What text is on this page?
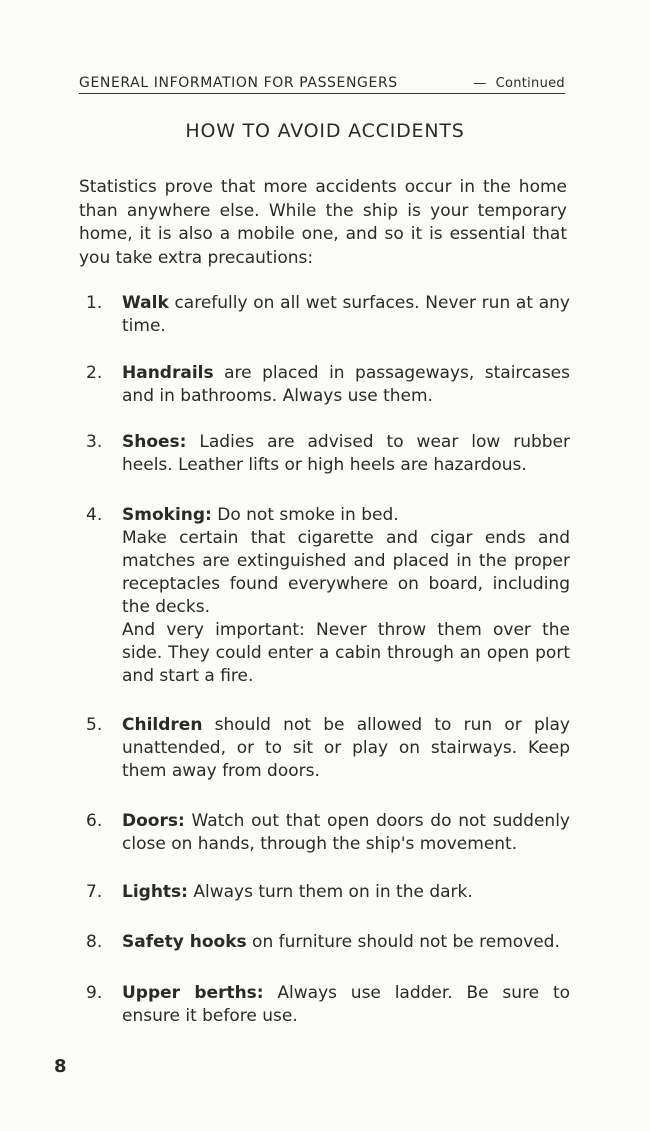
GENERAL INFORMATION FOR PASSENGERS	— Continued
HOW TO AVOID ACCIDENTS
Statistics prove that more accidents occur in the home than anywhere else. While the ship is your temporary home, it is also a mobile one, and so it is essential that you take extra precautions:
1.	Walk carefully on all wet surfaces. Never run at any time.
2.	Handrails are placed in passageways, staircases and in bathrooms. Always use them.
3.	Shoes: Ladies are advised to wear low rubber heels. Leather lifts or high heels are hazardous.
4.	Smoking: Do not smoke in bed.

Make certain that cigarette and cigar ends and matches are extinguished and placed in the proper receptacles found everywhere on board, including the decks.

And very important: Never throw them over the side. They could enter a cabin through an open port and start a fire.

5.	Children should not be allowed to run or play unattended, or to sit or play on stairways. Keep them away from doors.
6.	Doors: Watch out that open doors do not suddenly close on hands, through the ship's movement.
7.	Lights: Always turn them on in the dark.
8.	Safety hooks on furniture should not be removed.
9.	Upper berths: Always use ladder. Be sure to ensure it before use.
8
